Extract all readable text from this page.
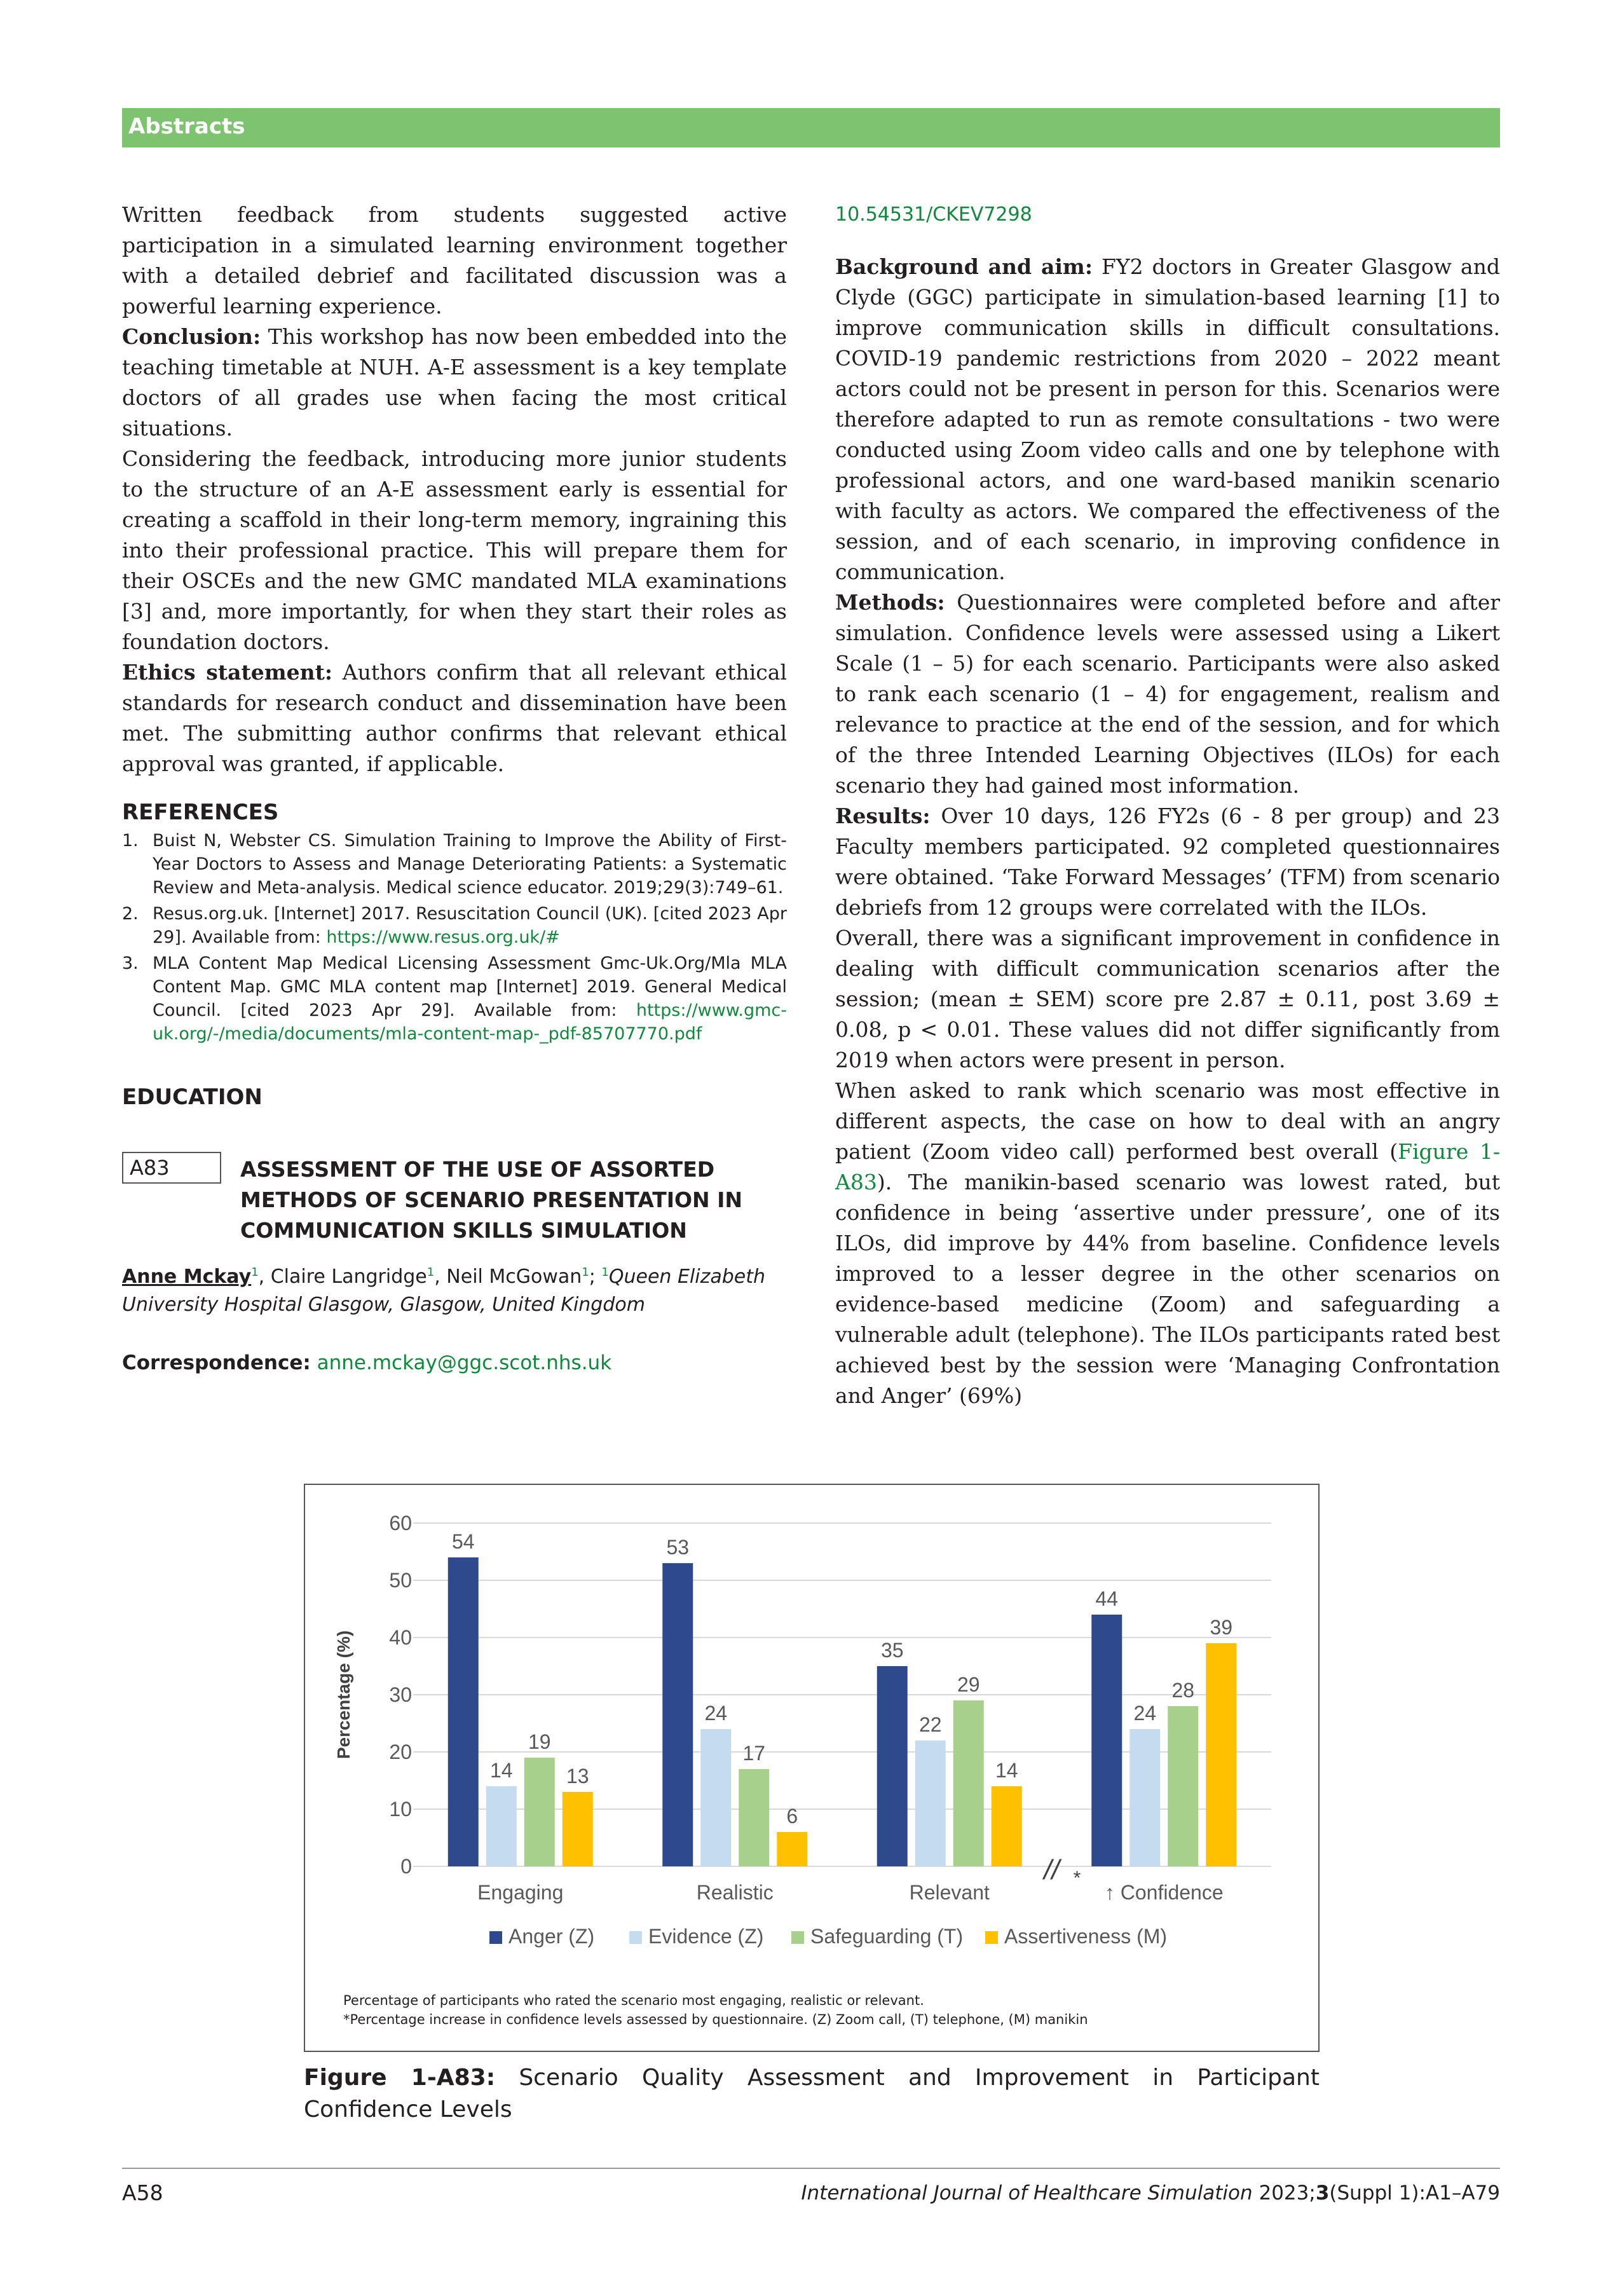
Abstracts

Written feedback from students suggested active participation in a simulated learning environment together with a detailed debrief and facilitated discussion was a powerful learning experience.

Conclusion: This workshop has now been embedded into the teaching timetable at NUH. A-E assessment is a key template doctors of all grades use when facing the most critical situations.

Considering the feedback, introducing more junior students to the structure of an A-E assessment early is essential for creating a scaffold in their long-term memory, ingraining this into their professional practice. This will prepare them for their OSCEs and the new GMC mandated MLA examinations [3] and, more importantly, for when they start their roles as foundation doctors.

Ethics statement: Authors confirm that all relevant ethical standards for research conduct and dissemination have been met. The submitting author confirms that relevant ethical approval was granted, if applicable.

REFERENCES
1. Buist N, Webster CS. Simulation Training to Improve the Ability of First-Year Doctors to Assess and Manage Deteriorating Patients: a Systematic Review and Meta-analysis. Medical science educator. 2019;29(3):749–61.
2. Resus.org.uk. [Internet] 2017. Resuscitation Council (UK). [cited 2023 Apr 29]. Available from: https://www.resus.org.uk/#
3. MLA Content Map Medical Licensing Assessment Gmc-Uk.Org/Mla MLA Content Map. GMC MLA content map [Internet] 2019. General Medical Council. [cited 2023 Apr 29]. Available from: https://www.gmc-uk.org/-/media/documents/mla-content-map-_pdf-85707770.pdf
EDUCATION
A83	ASSESSMENT OF THE USE OF ASSORTED METHODS OF SCENARIO PRESENTATION IN COMMUNICATION SKILLS SIMULATION
Anne Mckay$^1$, Claire Langridge$^1$, Neil McGowan$^1$; $^1$Queen Elizabeth University Hospital Glasgow, Glasgow, United Kingdom
Correspondence: anne.mckay@ggc.scot.nhs.uk

10.54531/CKEV7298

Background and aim: FY2 doctors in Greater Glasgow and Clyde (GGC) participate in simulation-based learning [1] to improve communication skills in difficult consultations. COVID-19 pandemic restrictions from 2020 – 2022 meant actors could not be present in person for this. Scenarios were therefore adapted to run as remote consultations - two were conducted using Zoom video calls and one by telephone with professional actors, and one ward-based manikin scenario with faculty as actors. We compared the effectiveness of the session, and of each scenario, in improving confidence in communication.

Methods: Questionnaires were completed before and after simulation. Confidence levels were assessed using a Likert Scale (1 – 5) for each scenario. Participants were also asked to rank each scenario (1 – 4) for engagement, realism and relevance to practice at the end of the session, and for which of the three Intended Learning Objectives (ILOs) for each scenario they had gained most information.

Results: Over 10 days, 126 FY2s (6 - 8 per group) and 23 Faculty members participated. 92 completed questionnaires were obtained. ‘Take Forward Messages’ (TFM) from scenario debriefs from 12 groups were correlated with the ILOs.

Overall, there was a significant improvement in confidence in dealing with difficult communication scenarios after the session; (mean ± SEM) score pre 2.87 ± 0.11, post 3.69 ± 0.08, p < 0.01. These values did not differ significantly from 2019 when actors were present in person.

When asked to rank which scenario was most effective in different aspects, the case on how to deal with an angry patient (Zoom video call) performed best overall (Figure 1-A83). The manikin-based scenario was lowest rated, but confidence in being ‘assertive under pressure’, one of its ILOs, did improve by 44% from baseline. Confidence levels improved to a lesser degree in the other scenarios on evidence-based medicine (Zoom) and safeguarding a vulnerable adult (telephone). The ILOs participants rated best achieved best by the session were ‘Managing Confrontation and Anger’ (69%)

0
10
20
30
40
50
60
Percentage (%)
54
14
19
13
Engaging
53
24
17
6
Realistic
35
22
29
14
Relevant
44
24
28
39
↑ Confidence
// *
Anger (Z)	Evidence (Z) Safeguarding (T) Assertiveness (M)
Percentage of participants who rated the scenario most engaging, realistic or relevant.
*Percentage increase in confidence levels assessed by questionnaire. (Z) Zoom call, (T) telephone, (M) manikin
Figure 1-A83: Scenario Quality Assessment and Improvement in Participant Confidence Levels
A58	International Journal of Healthcare Simulation 2023;3(Suppl 1):A1–A79
